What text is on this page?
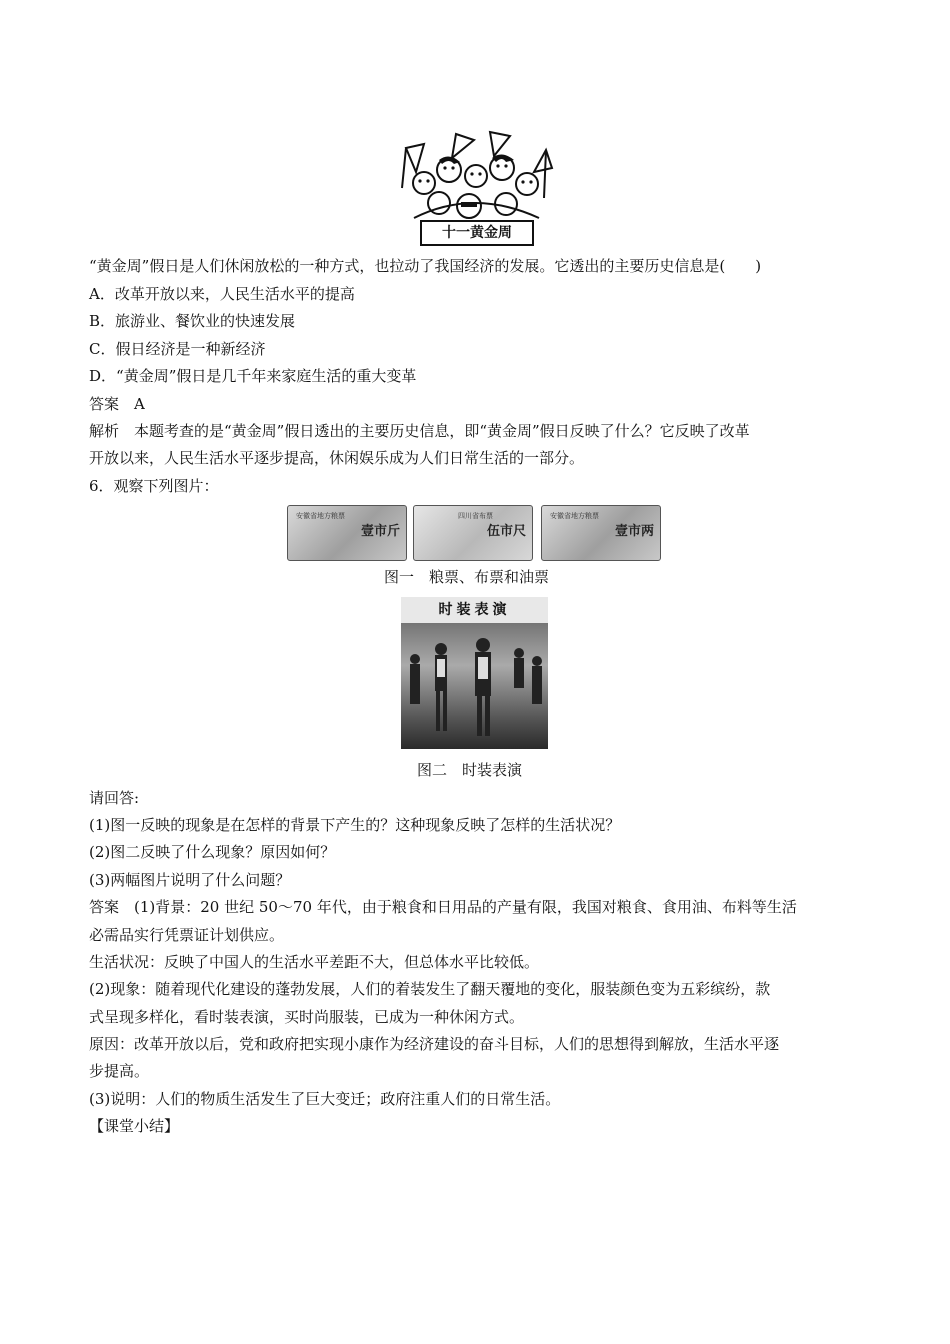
十一黄金周
“黄金周”假日是人们休闲放松的一种方式，也拉动了我国经济的发展。它透出的主要历史信息是(　　)
A．改革开放以来，人民生活水平的提高
B．旅游业、餐饮业的快速发展
C．假日经济是一种新经济
D．“黄金周”假日是几千年来家庭生活的重大变革
答案　A
解析　本题考查的是“黄金周”假日透出的主要历史信息，即“黄金周”假日反映了什么？它反映了改革
开放以来，人民生活水平逐步提高，休闲娱乐成为人们日常生活的一部分。
6．观察下列图片：
安徽省地方粮票
壹市斤
四川省布票
伍市尺
安徽省地方粮票
壹市两
图一　粮票、布票和油票
时装表演
图二　时装表演
请回答:
(1)图一反映的现象是在怎样的背景下产生的？这种现象反映了怎样的生活状况？
(2)图二反映了什么现象？原因如何？
(3)两幅图片说明了什么问题？
答案　(1)背景：20 世纪 50～70 年代，由于粮食和日用品的产量有限，我国对粮食、食用油、布料等生活
必需品实行凭票证计划供应。
生活状况：反映了中国人的生活水平差距不大，但总体水平比较低。
(2)现象：随着现代化建设的蓬勃发展，人们的着装发生了翻天覆地的变化，服装颜色变为五彩缤纷，款
式呈现多样化，看时装表演，买时尚服装，已成为一种休闲方式。
原因：改革开放以后，党和政府把实现小康作为经济建设的奋斗目标，人们的思想得到解放，生活水平逐
步提高。
(3)说明：人们的物质生活发生了巨大变迁；政府注重人们的日常生活。
【课堂小结】
